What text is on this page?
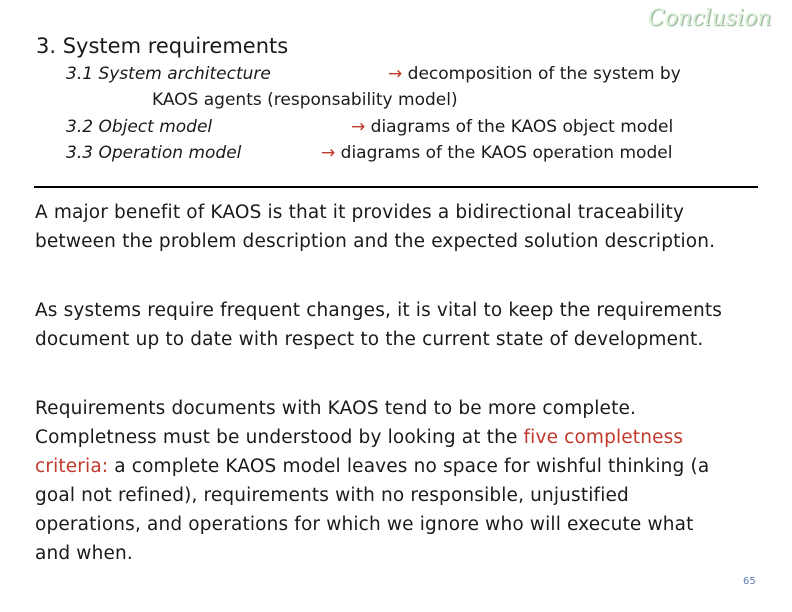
Conclusion
3. System requirements
3.1 System architecture	→ decomposition of the system by
KAOS agents (responsability model)
3.2 Object model	→ diagrams of the KAOS object model
3.3 Operation model	→ diagrams of the KAOS operation model
A major benefit of KAOS is that it provides a bidirectional traceability
between the problem description and the expected solution description.
As systems require frequent changes, it is vital to keep the requirements
document up to date with respect to the current state of development.
Requirements documents with KAOS tend to be more complete.
Completness must be understood by looking at the five completness
criteria: a complete KAOS model leaves no space for wishful thinking (a
goal not refined), requirements with no responsible, unjustified
operations, and operations for which we ignore who will execute what
and when.
65
